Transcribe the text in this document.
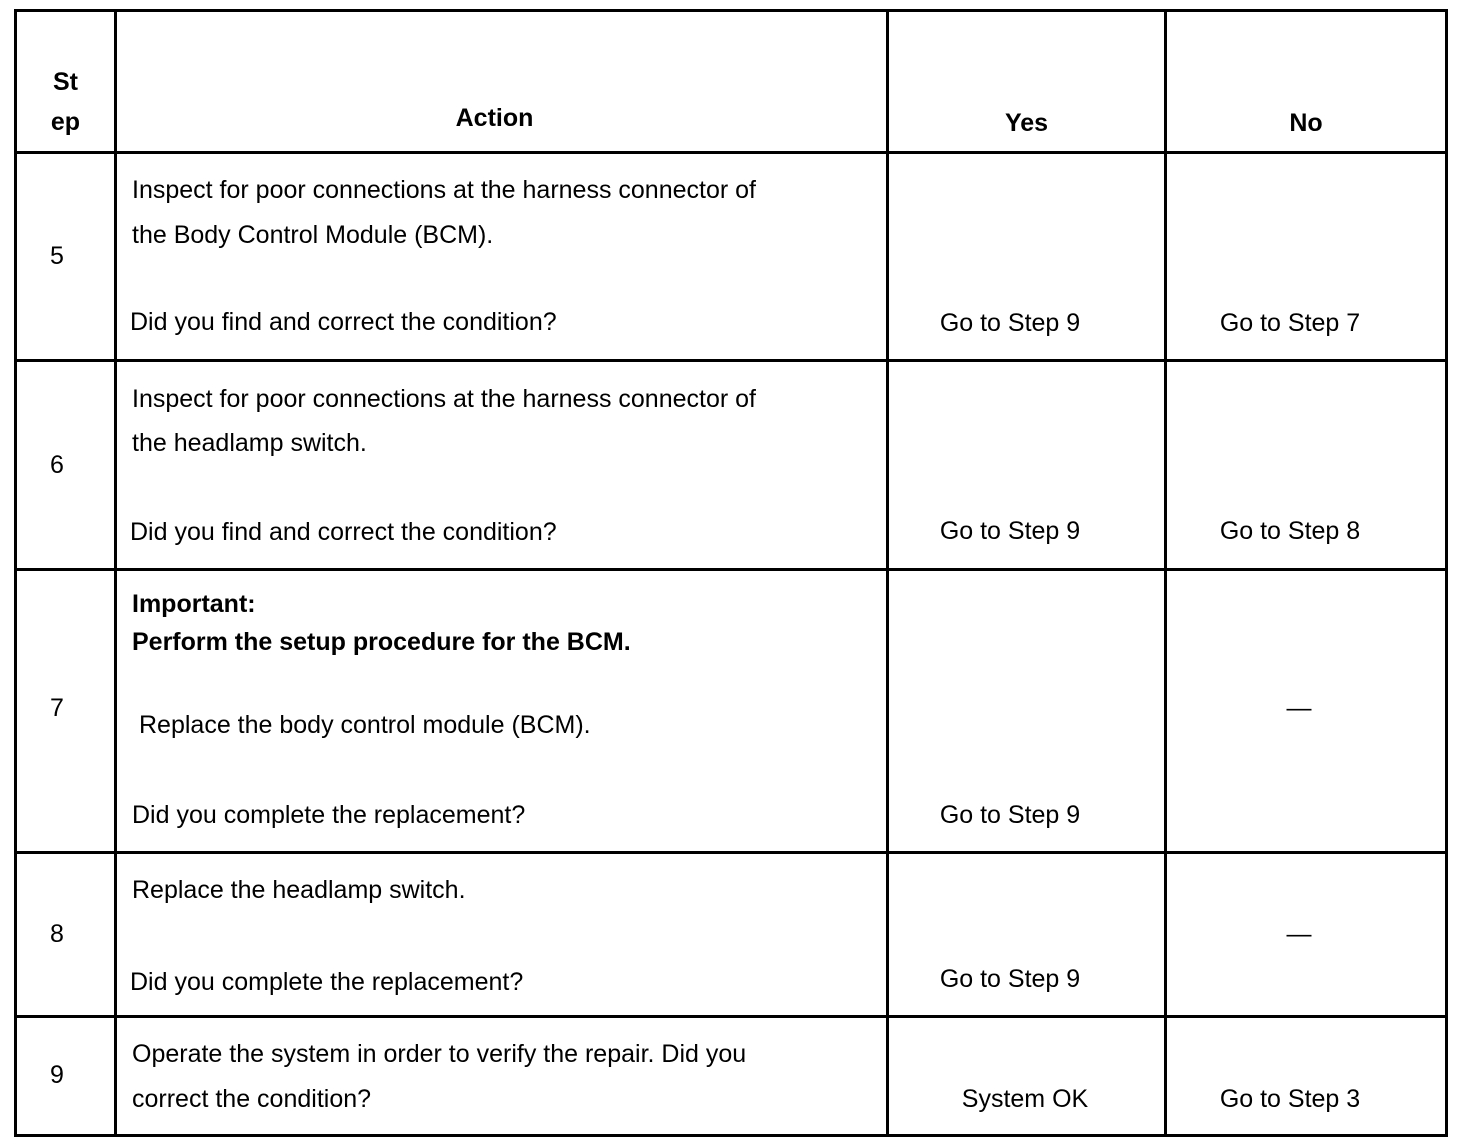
St
ep	Action	Yes	No
5
Inspect for poor connections at the harness connector of
the Body Control Module (BCM).
Did you find and correct the condition?	Go to Step 9	Go to Step 7
6
Inspect for poor connections at the harness connector of
the headlamp switch.
Did you find and correct the condition?	Go to Step 9	Go to Step 8
7
Important:
Perform the setup procedure for the BCM.
Replace the body control module (BCM).
Did you complete the replacement?	Go to Step 9
—
8
Replace the headlamp switch.
Did you complete the replacement?	Go to Step 9
—
9
Operate the system in order to verify the repair. Did you
correct the condition?	System OK	Go to Step 3
